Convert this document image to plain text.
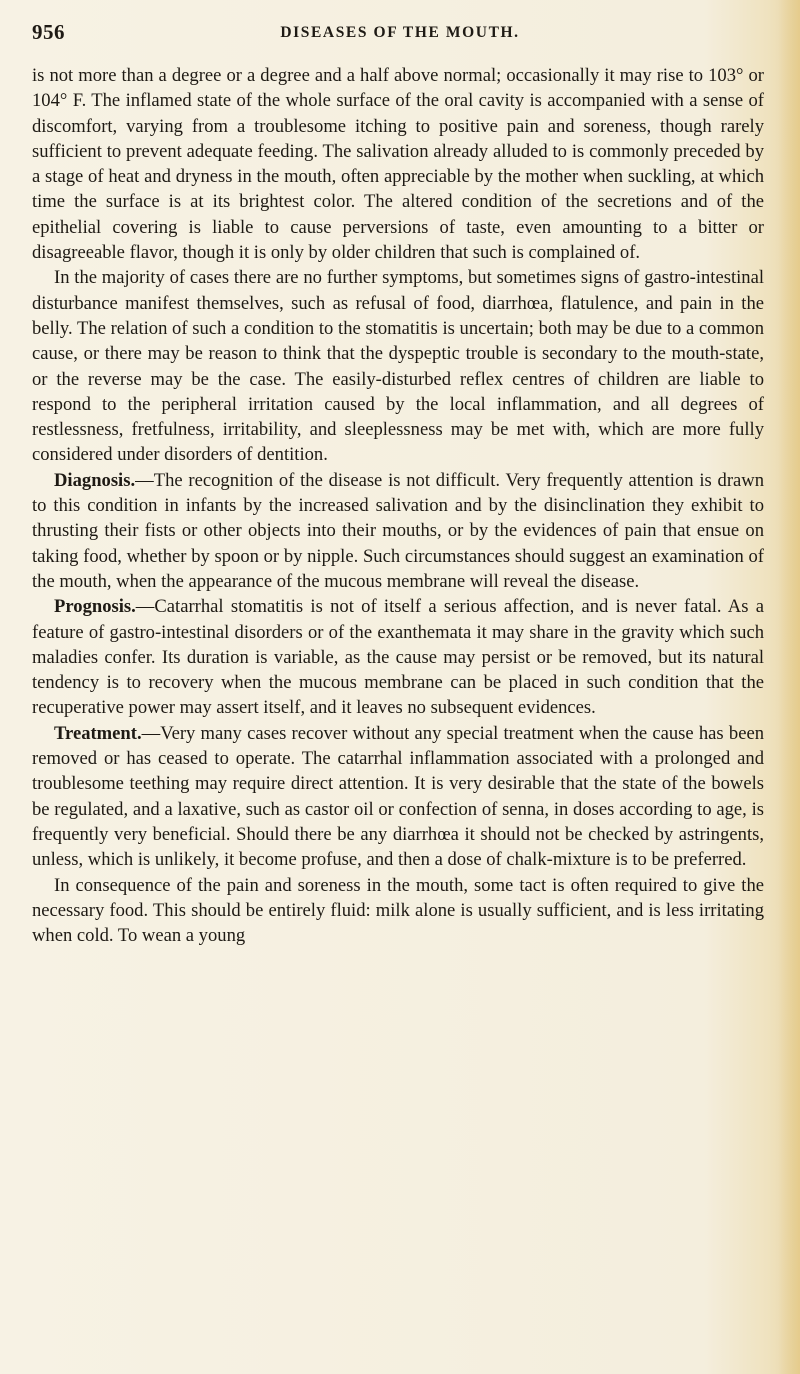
956	DISEASES OF THE MOUTH.

is not more than a degree or a degree and a half above normal; occasionally it may rise to 103° or 104° F. The inflamed state of the whole surface of the oral cavity is accompanied with a sense of discomfort, varying from a troublesome itching to positive pain and soreness, though rarely sufficient to prevent adequate feeding. The salivation already alluded to is commonly preceded by a stage of heat and dryness in the mouth, often appreciable by the mother when suckling, at which time the surface is at its brightest color. The altered condition of the secretions and of the epithelial covering is liable to cause perversions of taste, even amounting to a bitter or disagreeable flavor, though it is only by older children that such is complained of.

In the majority of cases there are no further symptoms, but sometimes signs of gastro-intestinal disturbance manifest themselves, such as refusal of food, diarrhœa, flatulence, and pain in the belly. The relation of such a condition to the stomatitis is uncertain; both may be due to a common cause, or there may be reason to think that the dyspeptic trouble is secondary to the mouth-state, or the reverse may be the case. The easily-disturbed reflex centres of children are liable to respond to the peripheral irritation caused by the local inflammation, and all degrees of restlessness, fretfulness, irritability, and sleeplessness may be met with, which are more fully considered under disorders of dentition.

Diagnosis.—The recognition of the disease is not difficult. Very frequently attention is drawn to this condition in infants by the increased salivation and by the disinclination they exhibit to thrusting their fists or other objects into their mouths, or by the evidences of pain that ensue on taking food, whether by spoon or by nipple. Such circumstances should suggest an examination of the mouth, when the appearance of the mucous membrane will reveal the disease.

Prognosis.—Catarrhal stomatitis is not of itself a serious affection, and is never fatal. As a feature of gastro-intestinal disorders or of the exanthemata it may share in the gravity which such maladies confer. Its duration is variable, as the cause may persist or be removed, but its natural tendency is to recovery when the mucous membrane can be placed in such condition that the recuperative power may assert itself, and it leaves no subsequent evidences.

Treatment.—Very many cases recover without any special treatment when the cause has been removed or has ceased to operate. The catarrhal inflammation associated with a prolonged and troublesome teething may require direct attention. It is very desirable that the state of the bowels be regulated, and a laxative, such as castor oil or confection of senna, in doses according to age, is frequently very beneficial. Should there be any diarrhœa it should not be checked by astringents, unless, which is unlikely, it become profuse, and then a dose of chalk-mixture is to be preferred.

In consequence of the pain and soreness in the mouth, some tact is often required to give the necessary food. This should be entirely fluid: milk alone is usually sufficient, and is less irritating when cold. To wean a young
